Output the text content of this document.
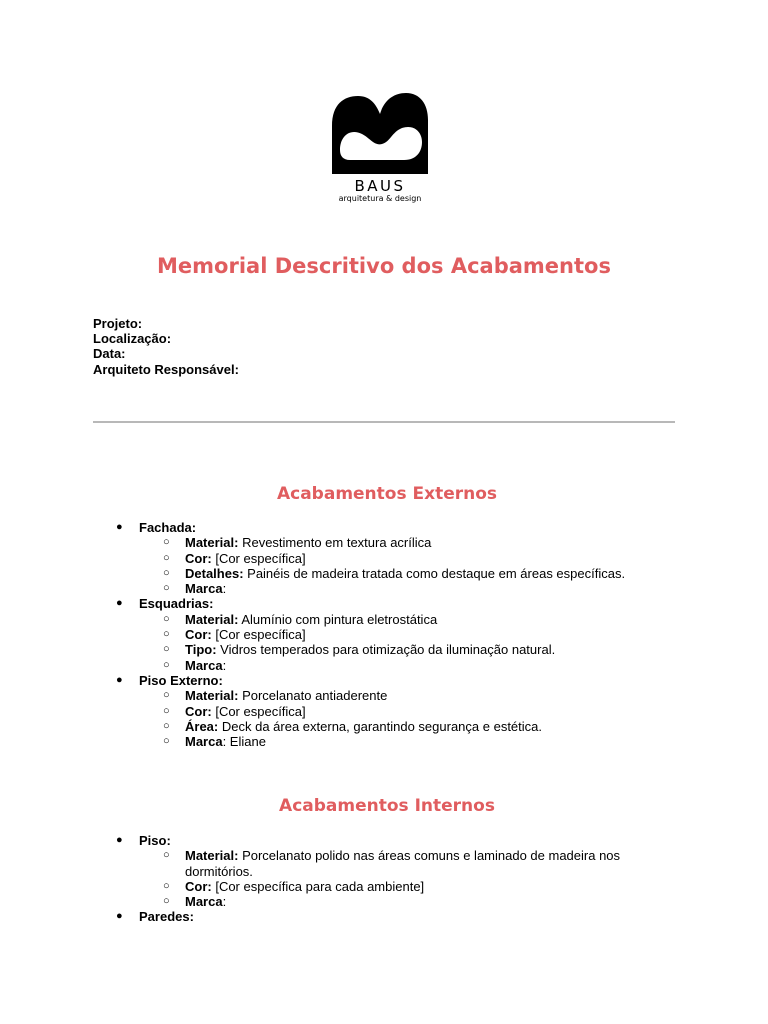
BAUS
arquitetura & design
Memorial Descritivo dos Acabamentos
Projeto:
Localização:
Data:
Arquiteto Responsável:
Acabamentos Externos
● Fachada:
○ Material: Revestimento em textura acrílica
○ Cor: [Cor específica]
○ Detalhes: Painéis de madeira tratada como destaque em áreas específicas.
○ Marca:
● Esquadrias:
○ Material: Alumínio com pintura eletrostática
○ Cor: [Cor específica]
○ Tipo: Vidros temperados para otimização da iluminação natural.
○ Marca:
● Piso Externo:
○ Material: Porcelanato antiaderente
○ Cor: [Cor específica]
○ Área: Deck da área externa, garantindo segurança e estética.
○ Marca: Eliane
Acabamentos Internos
● Piso:
○ Material: Porcelanato polido nas áreas comuns e laminado de madeira nos dormitórios.
○ Cor: [Cor específica para cada ambiente]
○ Marca:
● Paredes:
